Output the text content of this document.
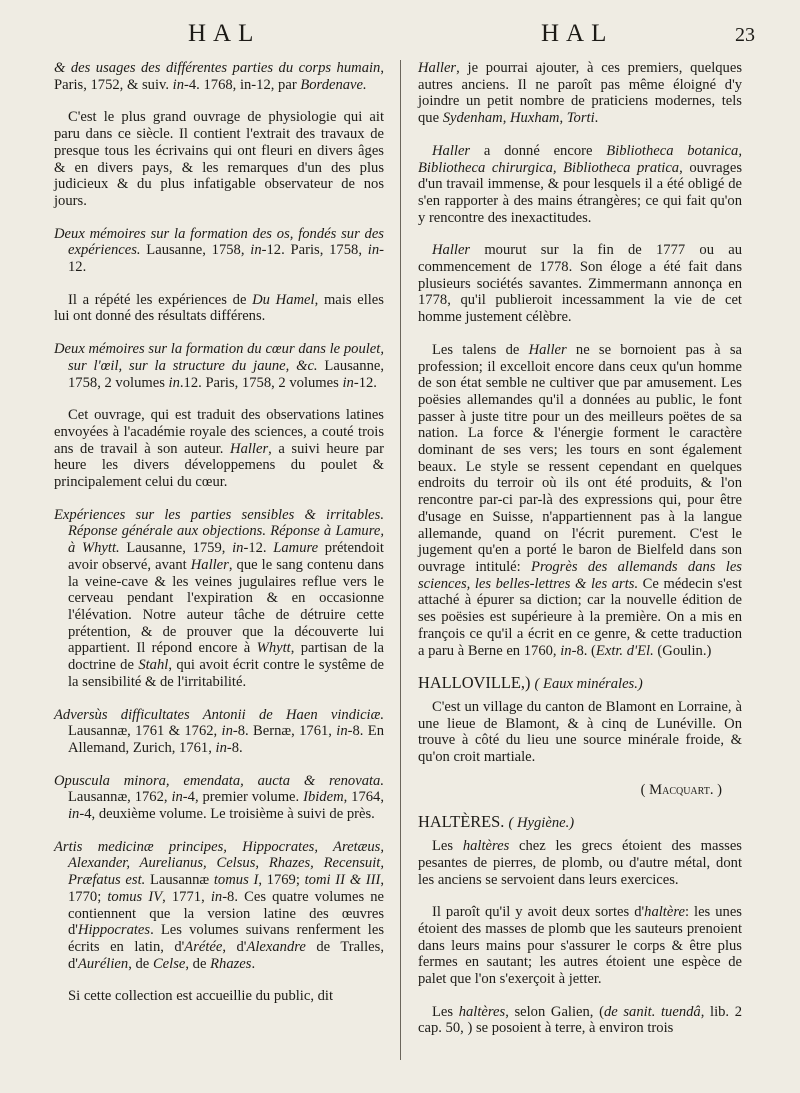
HAL	HAL	23

& des usages des différentes parties du corps humain, Paris, 1752, & suiv. in-4. 1768, in-12, par Bordenave.

C'est le plus grand ouvrage de physiologie qui ait paru dans ce siècle. Il contient l'extrait des travaux de presque tous les écrivains qui ont fleuri en divers âges & en divers pays, & les remarques d'un des plus judicieux & du plus infatigable observateur de nos jours.

Deux mémoires sur la formation des os, fondés sur des expériences. Lausanne, 1758, in-12. Paris, 1758, in-12.

Il a répété les expériences de Du Hamel, mais elles lui ont donné des résultats différens.

Deux mémoires sur la formation du cœur dans le poulet, sur l'œil, sur la structure du jaune, &c. Lausanne, 1758, 2 volumes in.12. Paris, 1758, 2 volumes in-12.

Cet ouvrage, qui est traduit des observations latines envoyées à l'académie royale des sciences, a couté trois ans de travail à son auteur. Haller, a suivi heure par heure les divers développemens du poulet & principalement celui du cœur.

Expériences sur les parties sensibles & irritables. Réponse générale aux objections. Réponse à Lamure, à Whytt. Lausanne, 1759, in-12. Lamure prétendoit avoir observé, avant Haller, que le sang contenu dans la veine-cave & les veines jugulaires reflue vers le cerveau pendant l'expiration & en occasionne l'élévation. Notre auteur tâche de détruire cette prétention, & de prouver que la découverte lui appartient. Il répond encore à Whytt, partisan de la doctrine de Stahl, qui avoit écrit contre le systême de la sensibilité & de l'irritabilité.

Adversùs difficultates Antonii de Haen vindiciæ. Lausannæ, 1761 & 1762, in-8. Bernæ, 1761, in-8. En Allemand, Zurich, 1761, in-8.

Opuscula minora, emendata, aucta & renovata. Lausannæ, 1762, in-4, premier volume. Ibidem, 1764, in-4, deuxième volume. Le troisième à suivi de près.

Artis medicinæ principes, Hippocrates, Aretæus, Alexander, Aurelianus, Celsus, Rhazes, Recensuit, Præfatus est. Lausannæ tomus I, 1769; tomi II & III, 1770; tomus IV, 1771, in-8. Ces quatre volumes ne contiennent que la version latine des œuvres d'Hippocrates. Les volumes suivans renferment les écrits en latin, d'Arétée, d'Alexandre de Tralles, d'Aurélien, de Celse, de Rhazes.

Si cette collection est accueillie du public, dit

Haller, je pourrai ajouter, à ces premiers, quelques autres anciens. Il ne paroît pas même éloigné d'y joindre un petit nombre de praticiens modernes, tels que Sydenham, Huxham, Torti.

Haller a donné encore Bibliotheca botanica, Bibliotheca chirurgica, Bibliotheca pratica, ouvrages d'un travail immense, & pour lesquels il a été obligé de s'en rapporter à des mains étrangères; ce qui fait qu'on y rencontre des inexactitudes.

Haller mourut sur la fin de 1777 ou au commencement de 1778. Son éloge a été fait dans plusieurs sociétés savantes. Zimmermann annonça en 1778, qu'il publieroit incessamment la vie de cet homme justement célèbre.

Les talens de Haller ne se bornoient pas à sa profession; il excelloit encore dans ceux qu'un homme de son état semble ne cultiver que par amusement. Les poësies allemandes qu'il a données au public, le font passer à juste titre pour un des meilleurs poëtes de sa nation. La force & l'énergie forment le caractère dominant de ses vers; les tours en sont également beaux. Le style se ressent cependant en quelques endroits du terroir où ils ont été produits, & l'on rencontre par-ci par-là des expressions qui, pour être d'usage en Suisse, n'appartiennent pas à la langue allemande, quand on l'écrit purement. C'est le jugement qu'en a porté le baron de Bielfeld dans son ouvrage intitulé: Progrès des allemands dans les sciences, les belles-lettres & les arts. Ce médecin s'est attaché à épurer sa diction; car la nouvelle édition de ses poësies est supérieure à la première. On a mis en françois ce qu'il a écrit en ce genre, & cette traduction a paru à Berne en 1760, in-8. (Extr. d'El. (Goulin.)

HALLOVILLE,) ( Eaux minérales.)

C'est un village du canton de Blamont en Lorraine, à une lieue de Blamont, & à cinq de Lunéville. On trouve à côté du lieu une source minérale froide, & qu'on croit martiale.

( Macquart. )
HALTÈRES. ( Hygiène.)

Les haltères chez les grecs étoient des masses pesantes de pierres, de plomb, ou d'autre métal, dont les anciens se servoient dans leurs exercices.

Il paroît qu'il y avoit deux sortes d'haltère: les unes étoient des masses de plomb que les sauteurs prenoient dans leurs mains pour s'assurer le corps & être plus fermes en sautant; les autres étoient une espèce de palet que l'on s'exerçoit à jetter.

Les haltères, selon Galien, (de sanit. tuendâ, lib. 2 cap. 50, ) se posoient à terre, à environ trois
